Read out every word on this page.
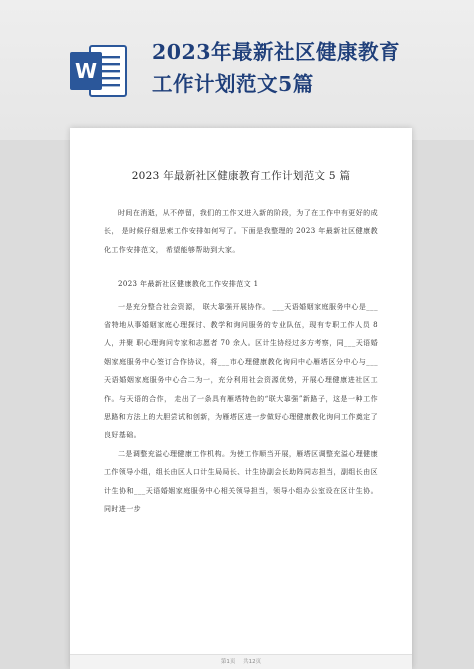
W
2023年最新社区健康教育
工作计划范文5篇
2023 年最新社区健康教育工作计划范文 5 篇

时间在消逝，从不停留，我们的工作又进入新的阶段，为了在工作中有更好的成长， 是时候仔细思索工作安排如何写了。下面是我整理的 2023 年最新社区健康教化工作安排范文， 希望能够帮助到大家。

2023 年最新社区健康教化工作安排范文 1

一是充分整合社会资源， 联大靠强开展协作。 ___天语婚姻家庭服务中心是___省特地从事婚姻家庭心理探讨、教学和询问服务的专业队伍，现有专职工作人员 8 人，并聚 职心理询问专家和志愿者 70 余人。区计生协经过多方考察，同___天语婚姻家庭服务中心签订合作协议，将___市心理健康教化询问中心雁塔区分中心与___天语婚姻家庭服务中心合二为一，充分利用社会资源优势，开展心理健康进社区工作。与天语的合作， 走出了一条具有雁塔特色的“联大靠强”新路子，这是一种工作思路和方法上的大胆尝试和创新，为雁塔区进一步做好心理健康教化询问工作奠定了良好基础。

二是调整充溢心理健康工作机构。为使工作顺当开展，雁塔区调整充溢心理健康工作领导小组，组长由区人口计生局局长、计生协副会长助阵同志担当，副组长由区计生协和___天语婚姻家庭服务中心相关领导担当，领导小组办公室设在区计生协。同时进一步

第1页 共12页
